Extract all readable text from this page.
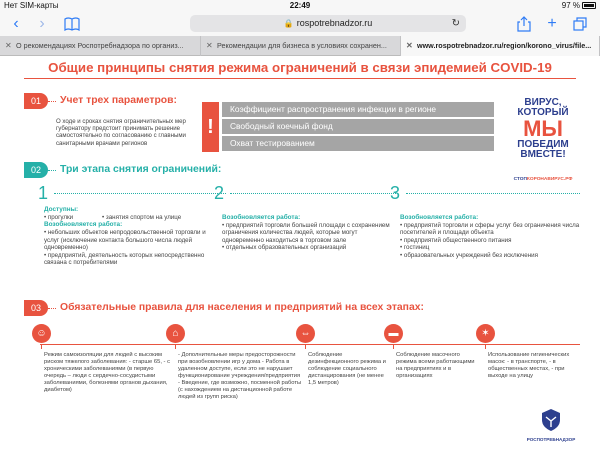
Нет SIM-карты	22:49	97 %
‹	›	🔒 rospotrebnadzor.ru	↻	+
✕ О рекомендациях Роспотребнадзора по организ...	✕ Рекомендации для бизнеса в условиях сохранен...	✕ www.rospotrebnadzor.ru/region/korono_virus/file...
Общие принципы снятия режима ограничений в связи эпидемией COVID-19
01	Учет трех параметров:
О ходе и сроках снятия ограничительных мер губернатору предстоит принимать решение самостоятельно по согласованию с главными санитарными врачами регионов
!
Коэффициент распространения инфекции в регионе
Свободный коечный фонд
Охват тестированием
ВИРУС,
КОТОРЫЙ
МЫ
ПОБЕДИМ ВМЕСТЕ!
СТОПКОРОНАВИРУС.РФ
02	Три этапа снятия ограничений:
1
Доступны:
• прогулки	• занятия спортом на улице
Возобновляется работа:
• небольших объектов непродовольственной торговли и услуг (исключение контакта большого числа людей одновременно)
• предприятий, деятельность которых непосредственно связана с потребителями
2
Возобновляется работа:
• предприятий торговли большей площади с сохранением ограничения количества людей, которые могут одновременно находиться в торговом зале
• отдельных образовательных организаций
3
Возобновляется работа:
• предприятий торговли и сферы услуг без ограничения числа посетителей и площади объекта
• предприятий общественного питания
• гостиниц
• образовательных учреждений без исключения
03	Обязательные правила для населения и предприятий на всех этапах:
☺	⌂	⇔	▬	✶
Режим самоизоляции для людей с высоким риском тяжелого заболевания: - старше 65, - с хроническими заболеваниями (в первую очередь – люди с сердечно-сосудистыми заболеваниями, болезнями органов дыхания, диабетом)
- Дополнительные меры предосторожности при возобновлении игр у дома - Работа в удаленном доступе, если это не нарушает функционирование учреждения/предприятия - Введение, где возможно, посменной работы (с нахождением на дистанционной работе людей из групп риска)
Соблюдение дезинфекционного режима и соблюдение социального дистанцирования (не менее 1,5 метров)
Соблюдение масочного режима всеми работающими на предприятиях и в организациях
Использование гигиенических масок: - в транспорте, - в общественных местах, - при выходе на улицу
РОСПОТРЕБНАДЗОР
